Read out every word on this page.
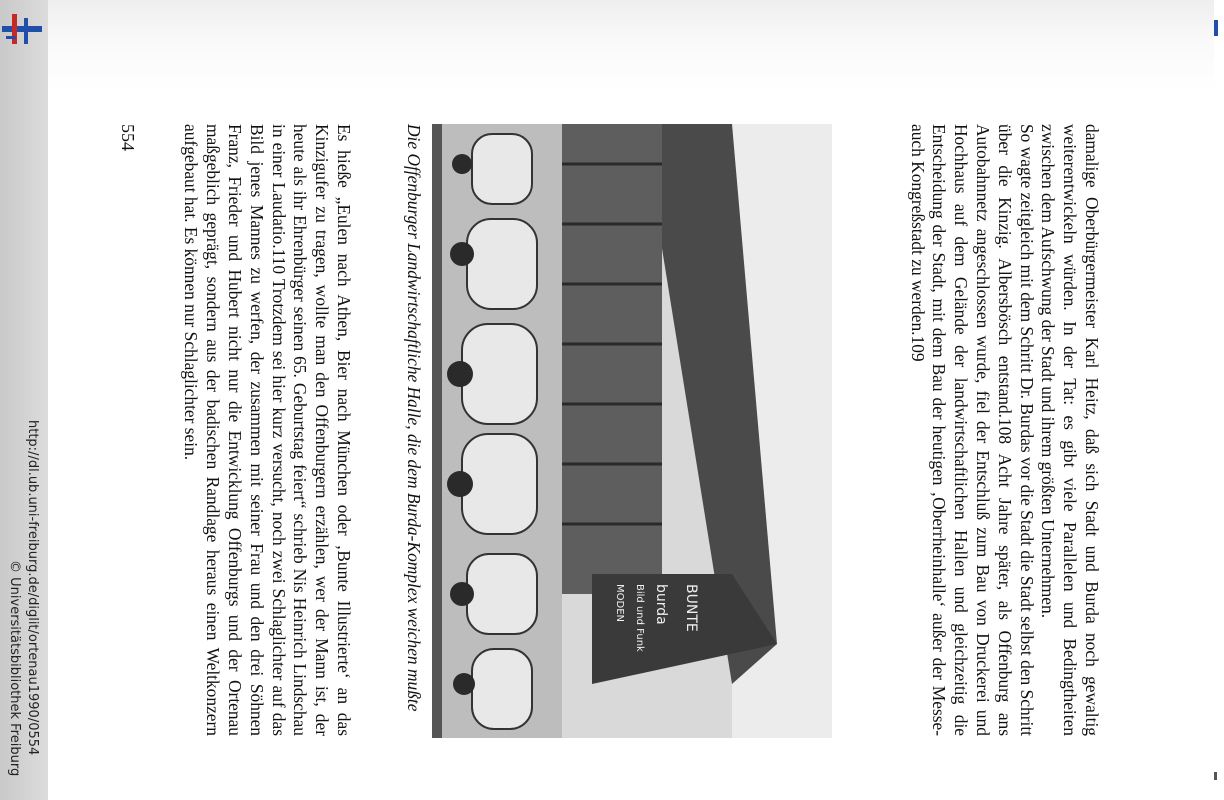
http://dl.ub.uni-freiburg.de/diglit/ortenau1990/0554
© Universitätsbibliothek Freiburg	damalige Oberbürgermeister Karl Heitz, daß sich Stadt und Burda noch gewaltig weiterentwickeln würden. In der Tat: es gibt viele Parallelen und Bedingtheiten zwischen dem Aufschwung der Stadt und ihrem größten Unternehmen.

So wagte zeitgleich mit dem Schritt Dr. Burdas vor die Stadt die Stadt selbst den Schritt über die Kinzig. Albersbösch entstand.108 Acht Jahre später, als Offenburg ans Autobahnnetz angeschlossen wurde, fiel der Entschluß zum Bau von Druckerei und Hochhaus auf dem Gelände der landwirtschaftlichen Hallen und gleichzeitig die Entscheidung der Stadt, mit dem Bau der heutigen ‚Oberrheinhalle‘ außer der Messe- auch Kongreßstadt zu werden.109

BUNTE
burda
Bild und Funk
MODEN
Die Offenburger Landwirtschaftliche Halle, die dem Burda-Komplex weichen mußte

Es hieße „Eulen nach Athen, Bier nach München oder ‚Bunte Illustrierte‘ an das Kinzigufer zu tragen, wollte man den Offenburgern erzählen, wer der Mann ist, der heute als ihr Ehrenbürger seinen 65. Geburtstag feiert“ schrieb Nis Heinrich Lindschau in einer Laudatio.110 Trotzdem sei hier kurz versucht, noch zwei Schlaglichter auf das Bild jenes Mannes zu werfen, der zusammen mit seiner Frau und den drei Söhnen Franz, Frieder und Hubert nicht nur die Entwicklung Offenburgs und der Ortenau maßgeblich geprägt, sondern aus der badischen Randlage heraus einen Weltkonzern aufgebaut hat. Es können nur Schlaglichter sein.

554
